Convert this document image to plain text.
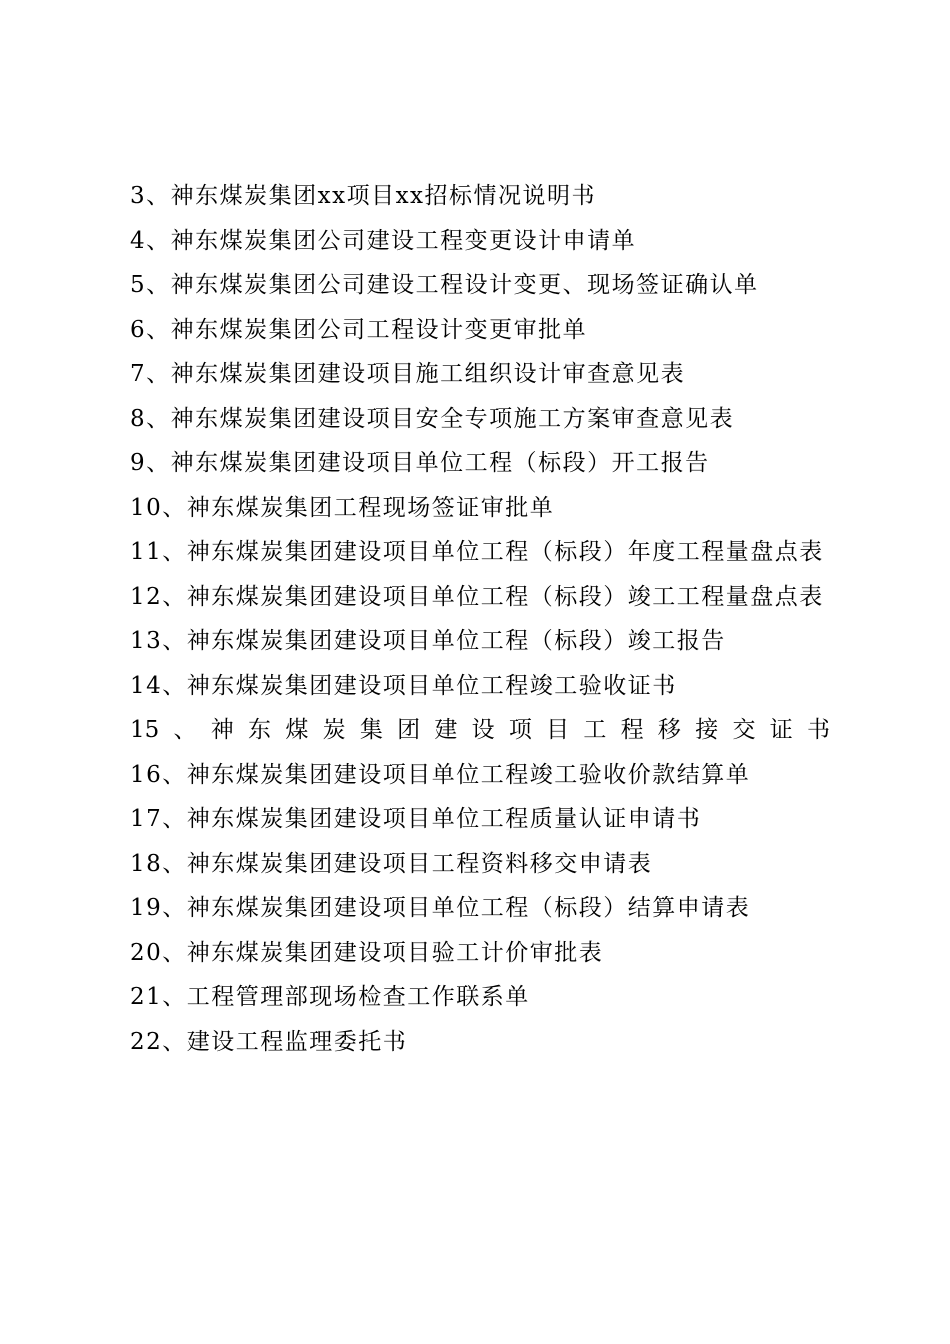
3、神东煤炭集团xx项目xx招标情况说明书
4、神东煤炭集团公司建设工程变更设计申请单
5、神东煤炭集团公司建设工程设计变更、现场签证确认单
6、神东煤炭集团公司工程设计变更审批单
7、神东煤炭集团建设项目施工组织设计审查意见表
8、神东煤炭集团建设项目安全专项施工方案审查意见表
9、神东煤炭集团建设项目单位工程（标段）开工报告
10、神东煤炭集团工程现场签证审批单
11、神东煤炭集团建设项目单位工程（标段）年度工程量盘点表
12、神东煤炭集团建设项目单位工程（标段）竣工工程量盘点表
13、神东煤炭集团建设项目单位工程（标段）竣工报告
14、神东煤炭集团建设项目单位工程竣工验收证书
15、神东煤炭集团建设项目工程移接交证书
16、神东煤炭集团建设项目单位工程竣工验收价款结算单
17、神东煤炭集团建设项目单位工程质量认证申请书
18、神东煤炭集团建设项目工程资料移交申请表
19、神东煤炭集团建设项目单位工程（标段）结算申请表
20、神东煤炭集团建设项目验工计价审批表
21、工程管理部现场检查工作联系单
22、建设工程监理委托书
